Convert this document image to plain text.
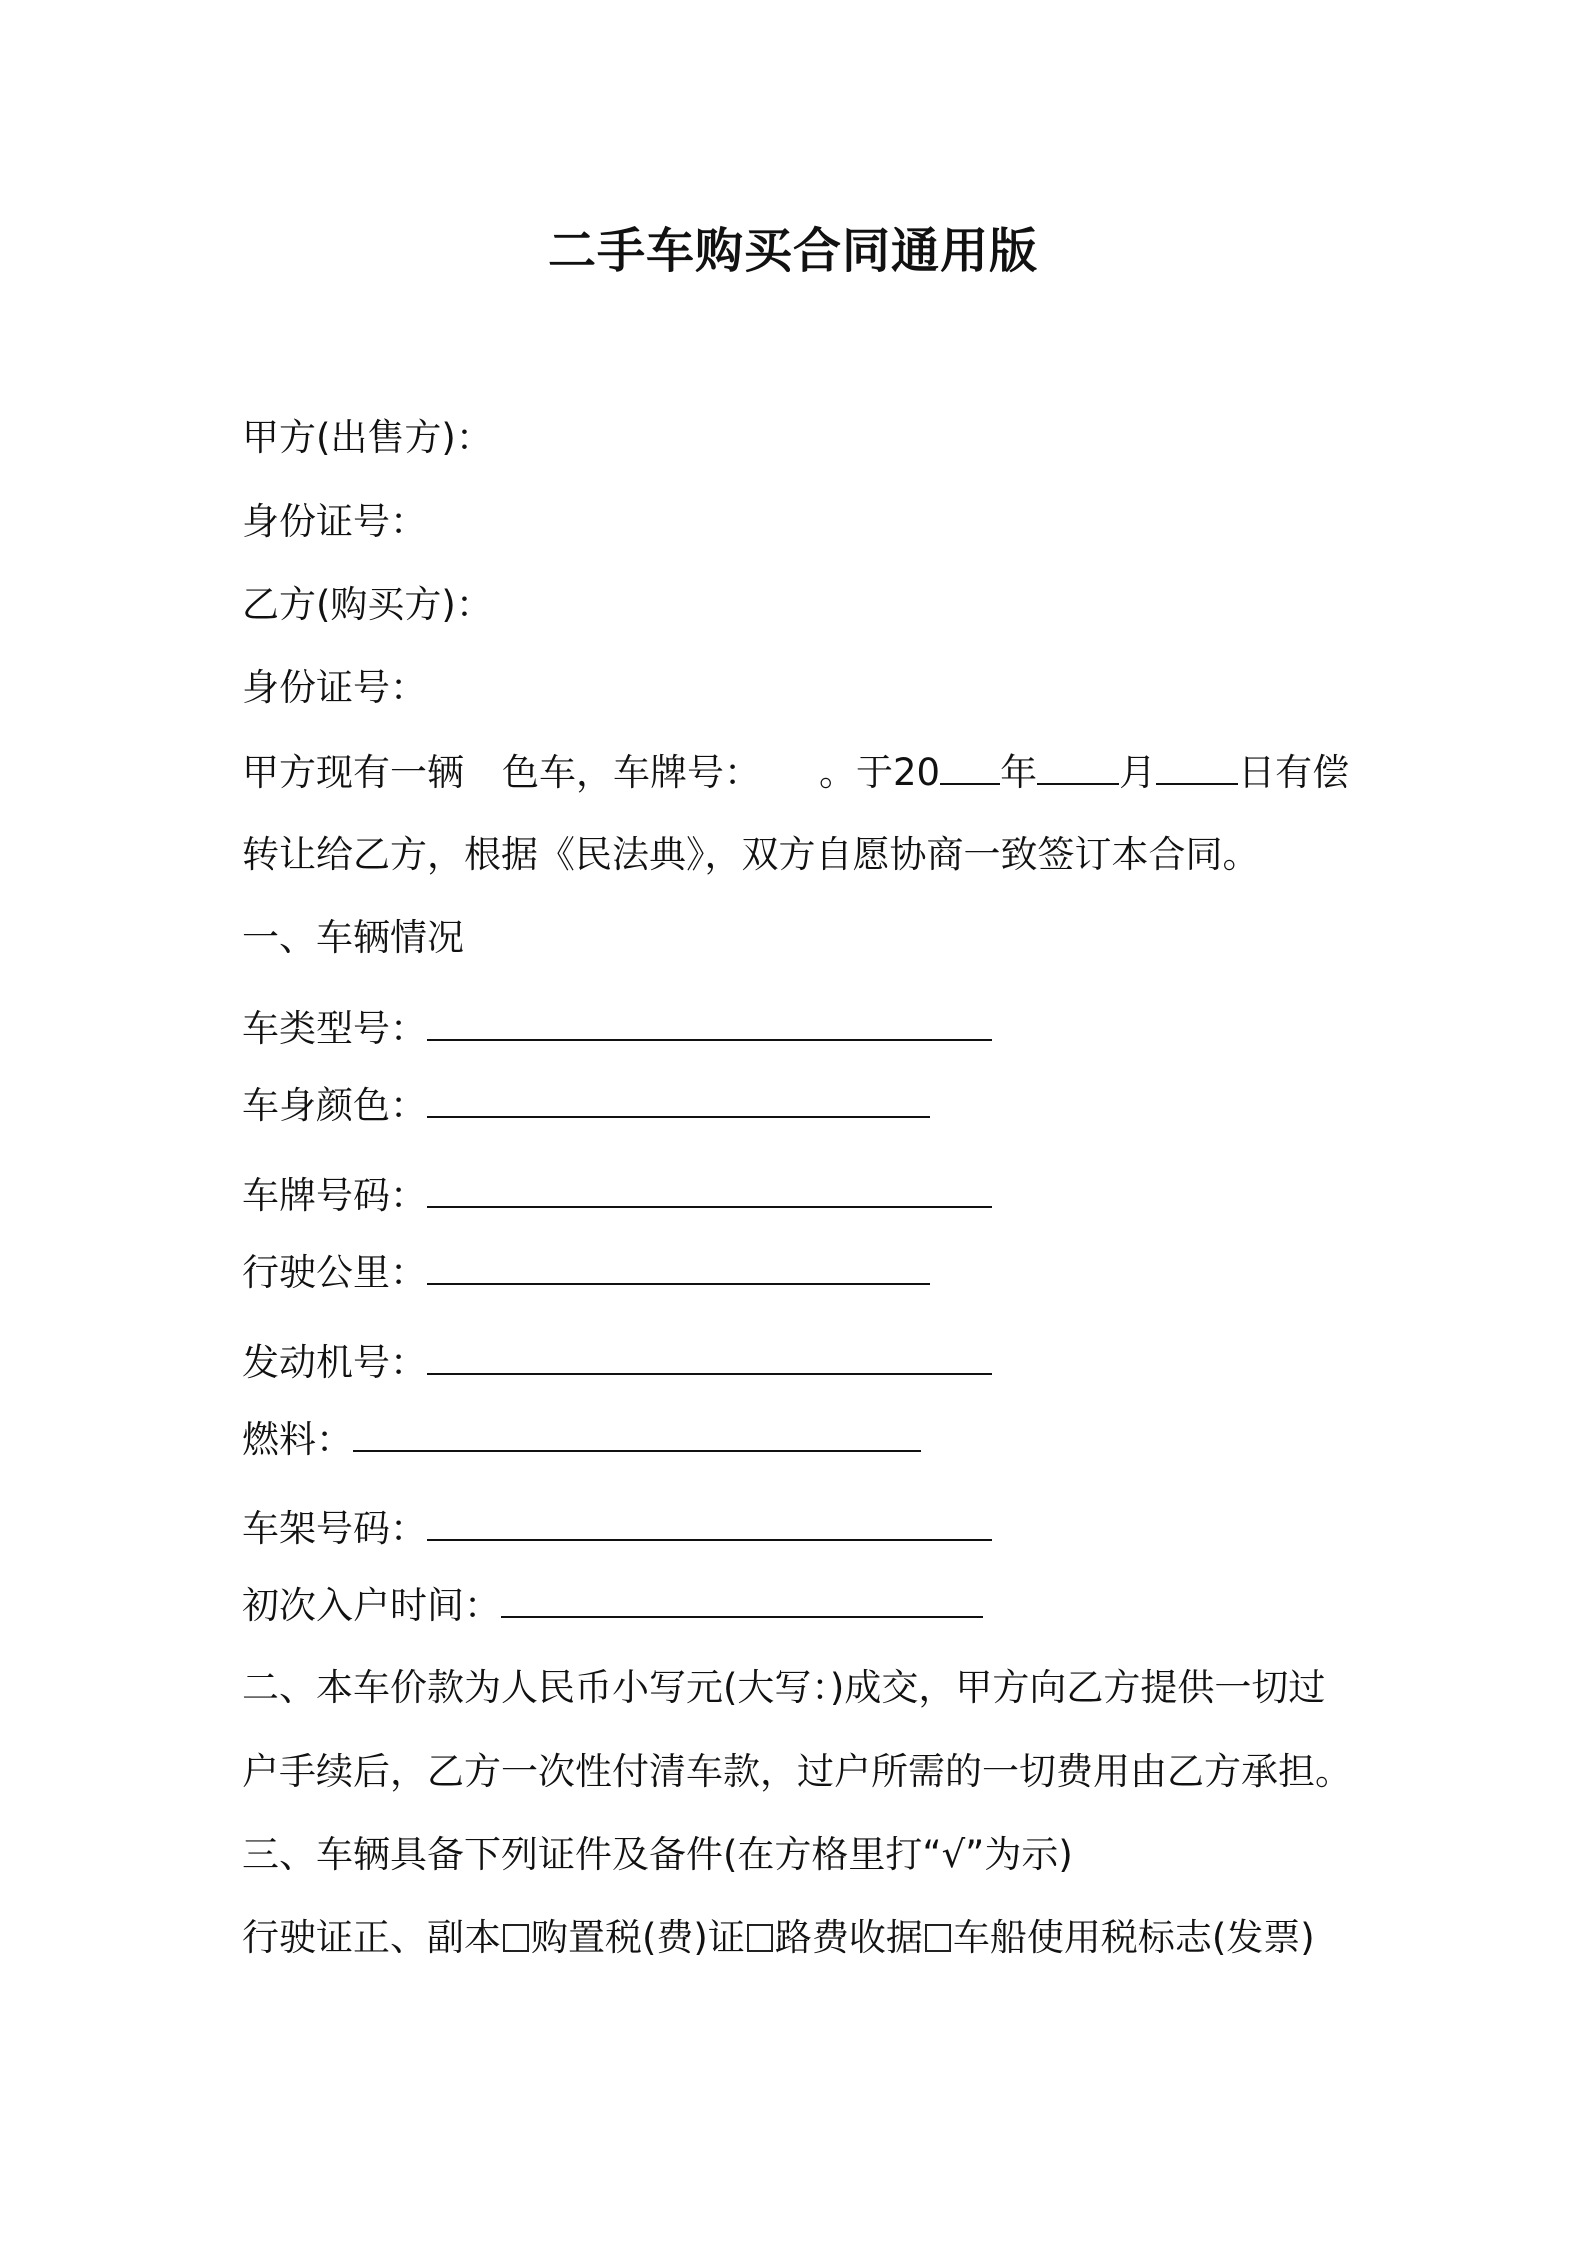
二手车购买合同通用版
甲方(出售方)：
身份证号：
乙方(购买方)：
身份证号：
甲方现有一辆 色车，车牌号： 。于20 年 月 日有偿
转让给乙方，根据《民法典》，双方自愿协商一致签订本合同。
一、车辆情况
车类型号：
车身颜色：
车牌号码：
行驶公里：
发动机号：
燃料：
车架号码：
初次入户时间：
二、本车价款为人民币小写元(大写：)成交，甲方向乙方提供一切过
户手续后，乙方一次性付清车款，过户所需的一切费用由乙方承担。
三、车辆具备下列证件及备件(在方格里打“√”为示)
行驶证正、副本 购置税(费)证 路费收据 车船使用税标志(发票)
